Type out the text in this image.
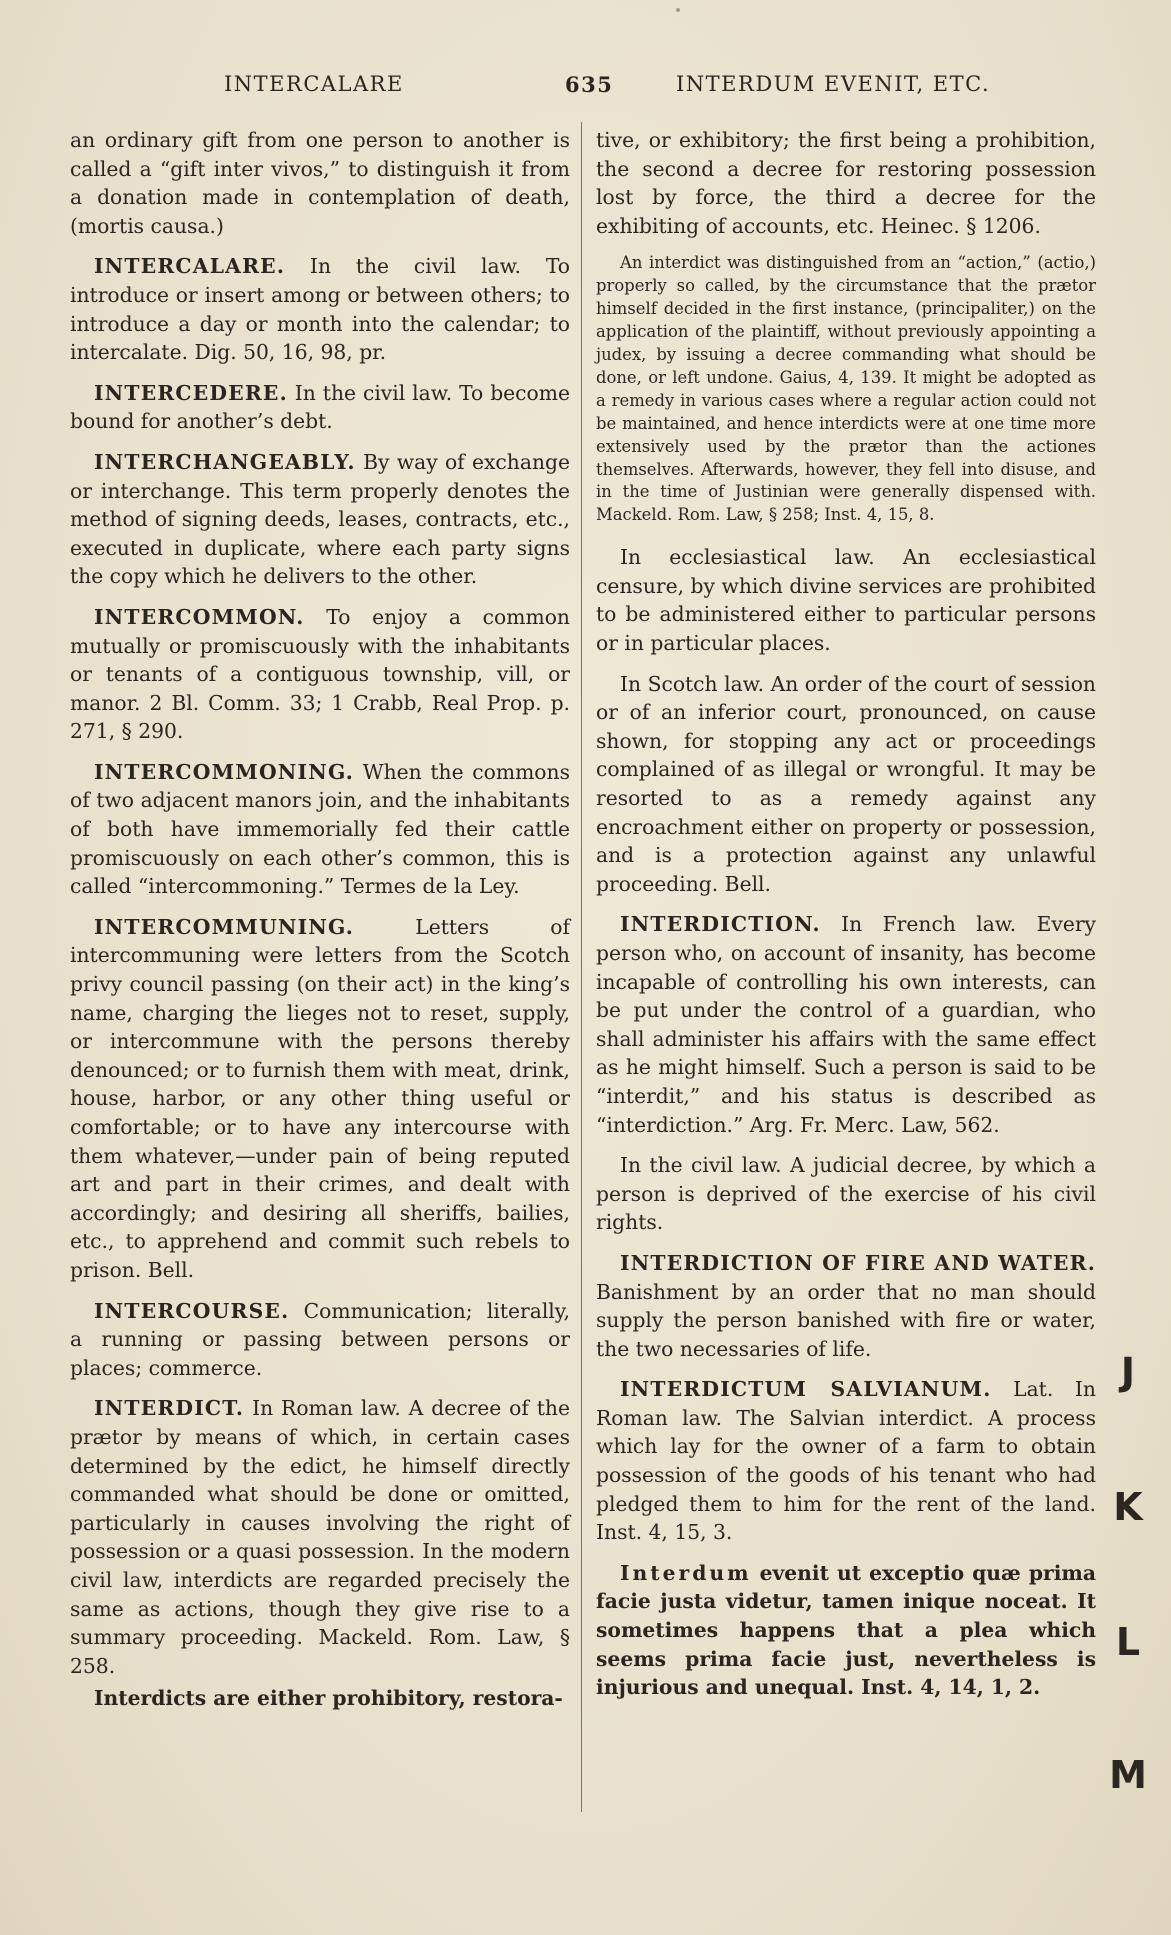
INTERCALARE	635	INTERDUM EVENIT, ETC.

an ordinary gift from one person to another is called a “gift inter vivos,” to distinguish it from a donation made in contemplation of death, (mortis causa.)

INTERCALARE. In the civil law. To introduce or insert among or between others; to introduce a day or month into the calendar; to intercalate. Dig. 50, 16, 98, pr.

INTERCEDERE. In the civil law. To become bound for another’s debt.

INTERCHANGEABLY. By way of exchange or interchange. This term properly denotes the method of signing deeds, leases, contracts, etc., executed in duplicate, where each party signs the copy which he delivers to the other.

INTERCOMMON. To enjoy a common mutually or promiscuously with the inhabitants or tenants of a contiguous township, vill, or manor. 2 Bl. Comm. 33; 1 Crabb, Real Prop. p. 271, § 290.

INTERCOMMONING. When the commons of two adjacent manors join, and the inhabitants of both have immemorially fed their cattle promiscuously on each other’s common, this is called “intercommoning.” Termes de la Ley.

INTERCOMMUNING. Letters of intercommuning were letters from the Scotch privy council passing (on their act) in the king’s name, charging the lieges not to reset, supply, or intercommune with the persons thereby denounced; or to furnish them with meat, drink, house, harbor, or any other thing useful or comfortable; or to have any intercourse with them whatever,—under pain of being reputed art and part in their crimes, and dealt with accordingly; and desiring all sheriffs, bailies, etc., to apprehend and commit such rebels to prison. Bell.

INTERCOURSE. Communication; literally, a running or passing between persons or places; commerce.

INTERDICT. In Roman law. A decree of the prætor by means of which, in certain cases determined by the edict, he himself directly commanded what should be done or omitted, particularly in causes involving the right of possession or a quasi possession. In the modern civil law, interdicts are regarded precisely the same as actions, though they give rise to a summary proceeding. Mackeld. Rom. Law, § 258.

Interdicts are either prohibitory, restora-

tive, or exhibitory; the first being a prohibition, the second a decree for restoring possession lost by force, the third a decree for the exhibiting of accounts, etc. Heinec. § 1206.

An interdict was distinguished from an “action,” (actio,) properly so called, by the circumstance that the prætor himself decided in the first instance, (principaliter,) on the application of the plaintiff, without previously appointing a judex, by issuing a decree commanding what should be done, or left undone. Gaius, 4, 139. It might be adopted as a remedy in various cases where a regular action could not be maintained, and hence interdicts were at one time more extensively used by the prætor than the actiones themselves. Afterwards, however, they fell into disuse, and in the time of Justinian were generally dispensed with. Mackeld. Rom. Law, § 258; Inst. 4, 15, 8.

In ecclesiastical law. An ecclesiastical censure, by which divine services are prohibited to be administered either to particular persons or in particular places.

In Scotch law. An order of the court of session or of an inferior court, pronounced, on cause shown, for stopping any act or proceedings complained of as illegal or wrongful. It may be resorted to as a remedy against any encroachment either on property or possession, and is a protection against any unlawful proceeding. Bell.

INTERDICTION. In French law. Every person who, on account of insanity, has become incapable of controlling his own interests, can be put under the control of a guardian, who shall administer his affairs with the same effect as he might himself. Such a person is said to be “interdit,” and his status is described as “interdiction.” Arg. Fr. Merc. Law, 562.

In the civil law. A judicial decree, by which a person is deprived of the exercise of his civil rights.

INTERDICTION OF FIRE AND WATER. Banishment by an order that no man should supply the person banished with fire or water, the two necessaries of life.

INTERDICTUM SALVIANUM. Lat. In Roman law. The Salvian interdict. A process which lay for the owner of a farm to obtain possession of the goods of his tenant who had pledged them to him for the rent of the land. Inst. 4, 15, 3.

Interdum evenit ut exceptio quæ prima facie justa videtur, tamen inique noceat. It sometimes happens that a plea which seems prima facie just, nevertheless is injurious and unequal. Inst. 4, 14, 1, 2.

J
K
L
M
